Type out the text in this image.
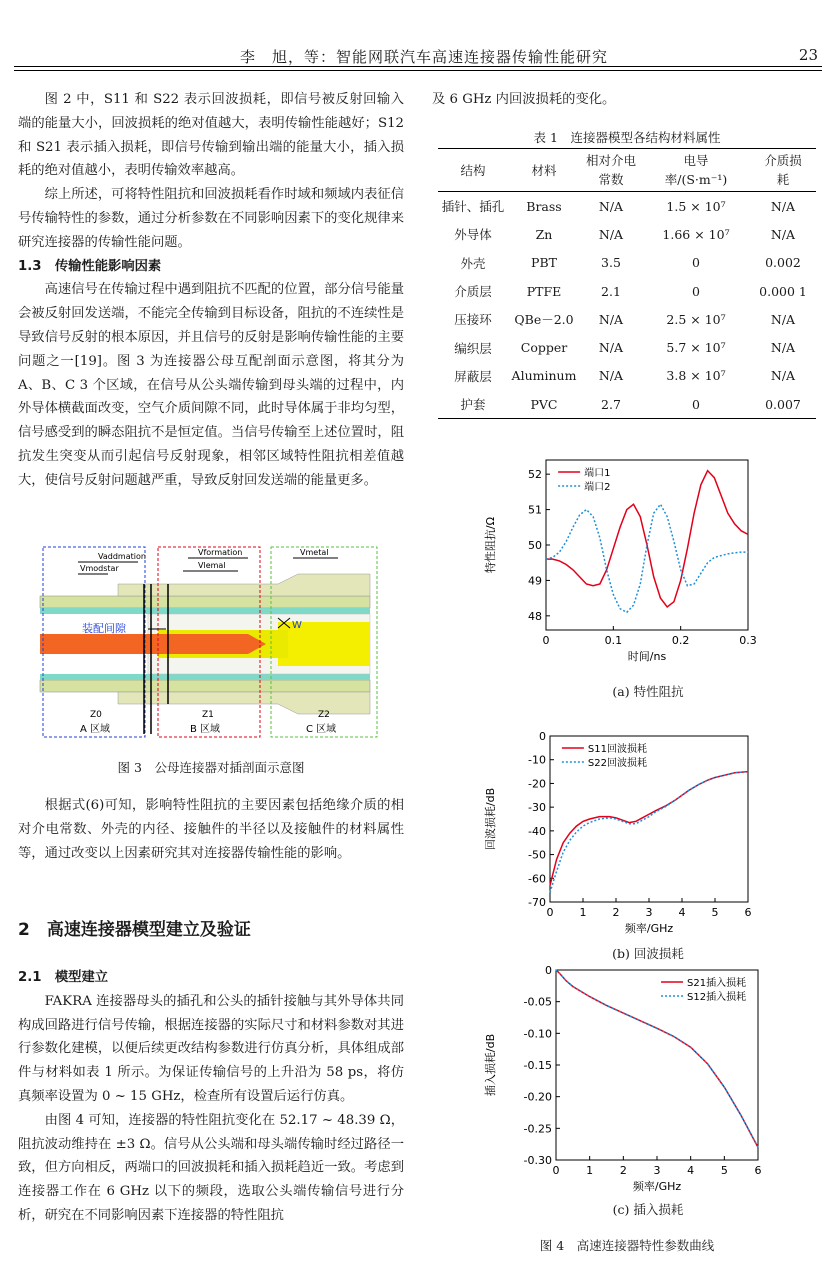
李　旭，等：智能网联汽车高速连接器传输性能研究	23

图 2 中，S11 和 S22 表示回波损耗，即信号被反射回输入端的能量大小，回波损耗的绝对值越大，表明传输性能越好；S12 和 S21 表示插入损耗，即信号传输到输出端的能量大小，插入损耗的绝对值越小，表明传输效率越高。

综上所述，可将特性阻抗和回波损耗看作时域和频域内表征信号传输特性的参数，通过分析参数在不同影响因素下的变化规律来研究连接器的传输性能问题。

1.3　传输性能影响因素

高速信号在传输过程中遇到阻抗不匹配的位置，部分信号能量会被反射回发送端，不能完全传输到目标设备，阻抗的不连续性是导致信号反射的根本原因，并且信号的反射是影响传输性能的主要问题之一[19]。图 3 为连接器公母互配剖面示意图，将其分为 A、B、C 3 个区域，在信号从公头端传输到母头端的过程中，内外导体横截面改变，空气介质间隙不同，此时导体属于非均匀型，信号感受到的瞬态阻抗不是恒定值。当信号传输至上述位置时，阻抗发生突变从而引起信号反射现象，相邻区域特性阻抗相差值越大，使信号反射问题越严重，导致反射回发送端的能量更多。

Vaddmation
Vmodstar
Vformation
Vlemal
Vmetal
装配间隙	W
Z0
A 区域
Z1
B 区域
Z2
C 区域
图 3　公母连接器对插剖面示意图

根据式(6)可知，影响特性阻抗的主要因素包括绝缘介质的相对介电常数、外壳的内径、接触件的半径以及接触件的材料属性等，通过改变以上因素研究其对连接器传输性能的影响。

2　高速连接器模型建立及验证

2.1　模型建立

FAKRA 连接器母头的插孔和公头的插针接触与其外导体共同构成回路进行信号传输，根据连接器的实际尺寸和材料参数对其进行参数化建模，以便后续更改结构参数进行仿真分析，具体组成部件与材料如表 1 所示。为保证传输信号的上升沿为 58 ps，将仿真频率设置为 0 ~ 15 GHz，检查所有设置后运行仿真。

由图 4 可知，连接器的特性阻抗变化在 52.17 ~ 48.39 Ω，阻抗波动维持在 ±3 Ω。信号从公头端和母头端传输时经过路径一致，但方向相反，两端口的回波损耗和插入损耗趋近一致。考虑到连接器工作在 6 GHz 以下的频段，选取公头端传输信号进行分析，研究在不同影响因素下连接器的特性阻抗

及 6 GHz 内回波损耗的变化。

表 1　连接器模型各结构材料属性
结构	材料	相对介电常数	电导率/(S·m⁻¹)	介质损耗
插针、插孔	Brass	N/A	1.5 × 10⁷	N/A
外导体	Zn	N/A	1.66 × 10⁷	N/A
外壳	PBT	3.5	0	0.002
介质层	PTFE	2.1	0	0.000 1
压接环	QBe－2.0	N/A	2.5 × 10⁷	N/A
编织层	Copper	N/A	5.7 × 10⁷	N/A
屏蔽层	Aluminum	N/A	3.8 × 10⁷	N/A
护套	PVC	2.7	0	0.007
0	0.1	0.2	0.3
48
49
50
51
52
时间/ns
特性阻抗/Ω
端口1
端口2
(a) 特性阻抗
0 1 2 3 4 5 6
0
-10
-20
-30
-40
-50
-60
-70
频率/GHz
回波损耗/dB
S11回波损耗
S22回波损耗
(b) 回波损耗
0 1 2 3 4 5 6
0
-0.05
-0.10
-0.15
-0.20
-0.25
-0.30
频率/GHz
插入损耗/dB
S21插入损耗
S12插入损耗
(c) 插入损耗
图 4　高速连接器特性参数曲线
